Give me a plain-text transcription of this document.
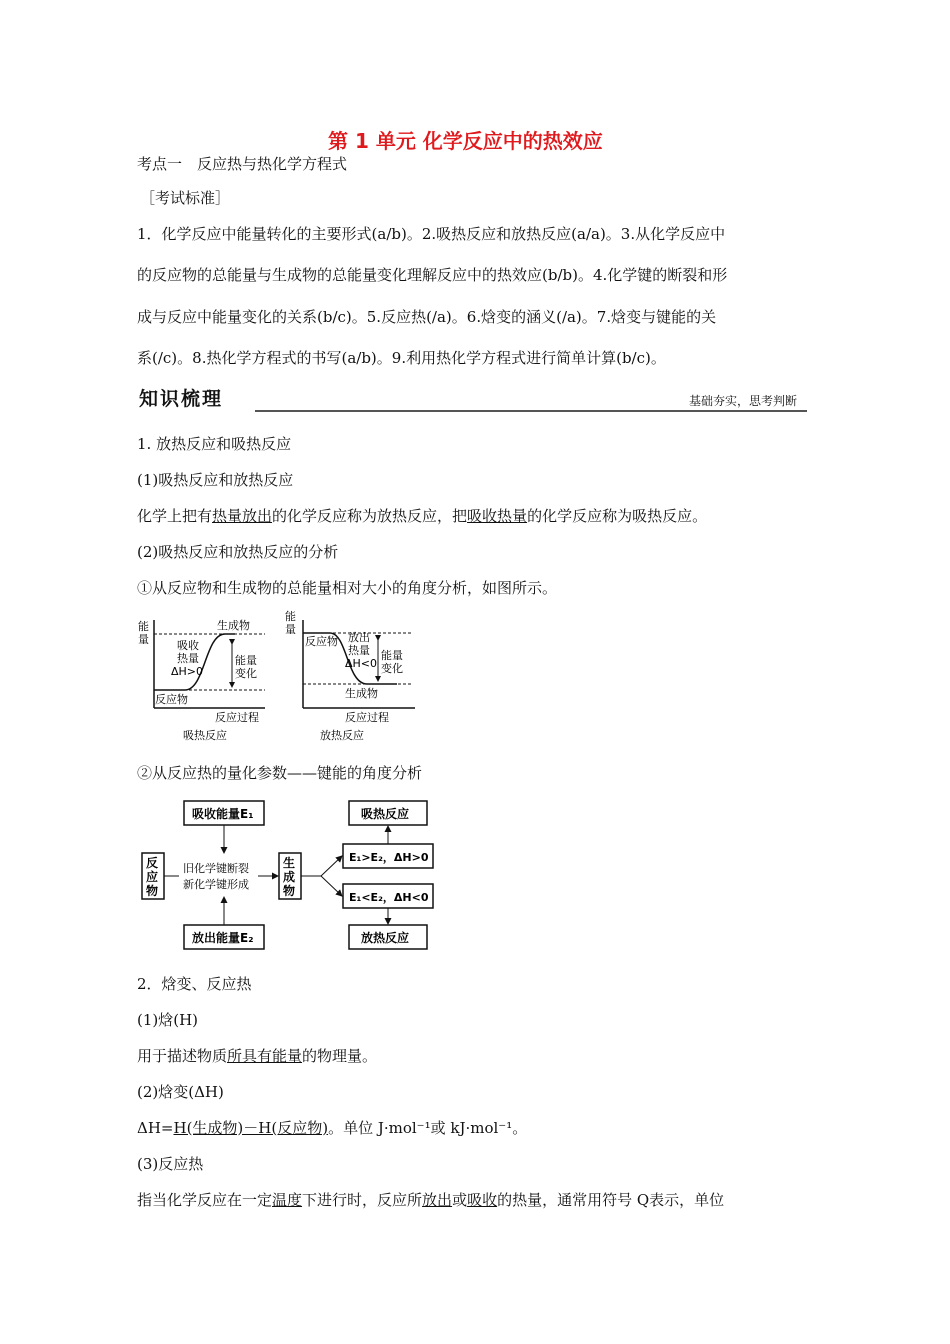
第 1 单元 化学反应中的热效应
考点一　反应热与热化学方程式
［考试标准］
1．化学反应中能量转化的主要形式(a/b)。2.吸热反应和放热反应(a/a)。3.从化学反应中
的反应物的总能量与生成物的总能量变化理解反应中的热效应(b/b)。4.化学键的断裂和形
成与反应中能量变化的关系(b/c)。5.反应热(/a)。6.焓变的涵义(/a)。7.焓变与键能的关
系(/c)。8.热化学方程式的书写(a/b)。9.利用热化学方程式进行简单计算(b/c)。
知识梳理	基础夯实，思考判断
1. 放热反应和吸热反应
(1)吸热反应和放热反应
化学上把有热量放出的化学反应称为放热反应，把吸收热量的化学反应称为吸热反应。
(2)吸热反应和放热反应的分析
①从反应物和生成物的总能量相对大小的角度分析，如图所示。
能
量
生成物
反应物
吸收
热量
ΔH>0
能量
变化
反应过程
吸热反应
能
量
反应物 放出
热量
ΔH<0
能量
变化
生成物
反应过程
放热反应
②从反应热的量化参数——键能的角度分析
吸收能量E₁
放出能量E₂
反
应
物
旧化学键断裂
新化学键形成
生
成
物
E₁>E₂，ΔH>0
E₁<E₂，ΔH<0
吸热反应
放热反应
2．焓变、反应热
(1)焓(H)
用于描述物质所具有能量的物理量。
(2)焓变(ΔH)
ΔH=H(生成物)－H(反应物)。单位 J·mol⁻¹或 kJ·mol⁻¹。
(3)反应热
指当化学反应在一定温度下进行时，反应所放出或吸收的热量，通常用符号 Q表示，单位
